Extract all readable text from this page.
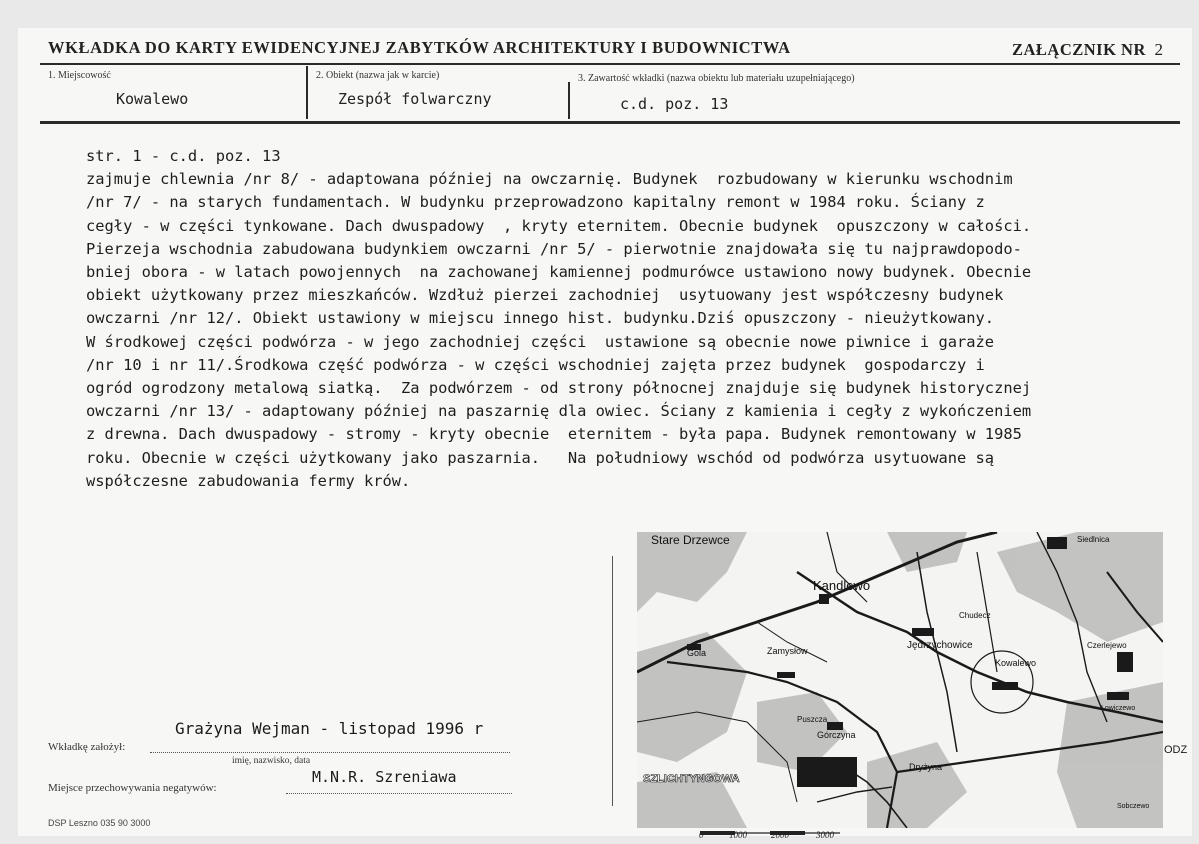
WKŁADKA DO KARTY EWIDENCYJNEJ ZABYTKÓW ARCHITEKTURY I BUDOWNICTWA	ZAŁĄCZNIK NR 2
1. Miejscowość
Kowalewo
2. Obiekt (nazwa jak w karcie)
Zespół folwarczny
3. Zawartość wkładki (nazwa obiektu lub materiału uzupełniającego)
c.d. poz. 13
str. 1 - c.d. poz. 13
zajmuje chlewnia /nr 8/ - adaptowana później na owczarnię. Budynek  rozbudowany w kierunku wschodnim
/nr 7/ - na starych fundamentach. W budynku przeprowadzono kapitalny remont w 1984 roku. Ściany z
cegły - w części tynkowane. Dach dwuspadowy  , kryty eternitem. Obecnie budynek  opuszczony w całości.
Pierzeja wschodnia zabudowana budynkiem owczarni /nr 5/ - pierwotnie znajdowała się tu najprawdopodo-
bniej obora - w latach powojennych  na zachowanej kamiennej podmurówce ustawiono nowy budynek. Obecnie
obiekt użytkowany przez mieszkańców. Wzdłuż pierzei zachodniej  usytuowany jest współczesny budynek
owczarni /nr 12/. Obiekt ustawiony w miejscu innego hist. budynku.Dziś opuszczony - nieużytkowany.
W środkowej części podwórza - w jego zachodniej części  ustawione są obecnie nowe piwnice i garaże
/nr 10 i nr 11/.Środkowa część podwórza - w części wschodniej zajęta przez budynek  gospodarczy i
ogród ogrodzony metalową siatką.  Za podwórzem - od strony północnej znajduje się budynek historycznej
owczarni /nr 13/ - adaptowany później na paszarnię dla owiec. Ściany z kamienia i cegły z wykończeniem
z drewna. Dach dwuspadowy - stromy - kryty obecnie  eternitem - była papa. Budynek remontowany w 1985
roku. Obecnie w części użytkowany jako paszarnia.   Na południowy wschód od podwórza usytuowane są
współczesne zabudowania fermy krów.
Grażyna Wejman - listopad 1996 r
Wkładkę założył:
imię, nazwisko, data
Miejsce przechowywania negatywów:
M.N.R. Szreniawa
DSP Leszno 035 90 3000
Stare Drzewce
Kandlewo
Chudecz
Jędrzychowice
Kowalewo
Gola	Zamysłów
Puszcza
Górczyna
Dryżyna
SZLICHTYNGOWA
Siedlnica
Czerlejewo
Łowiczewo
Sobczewo
ODZ
0	1000	2000	3000
